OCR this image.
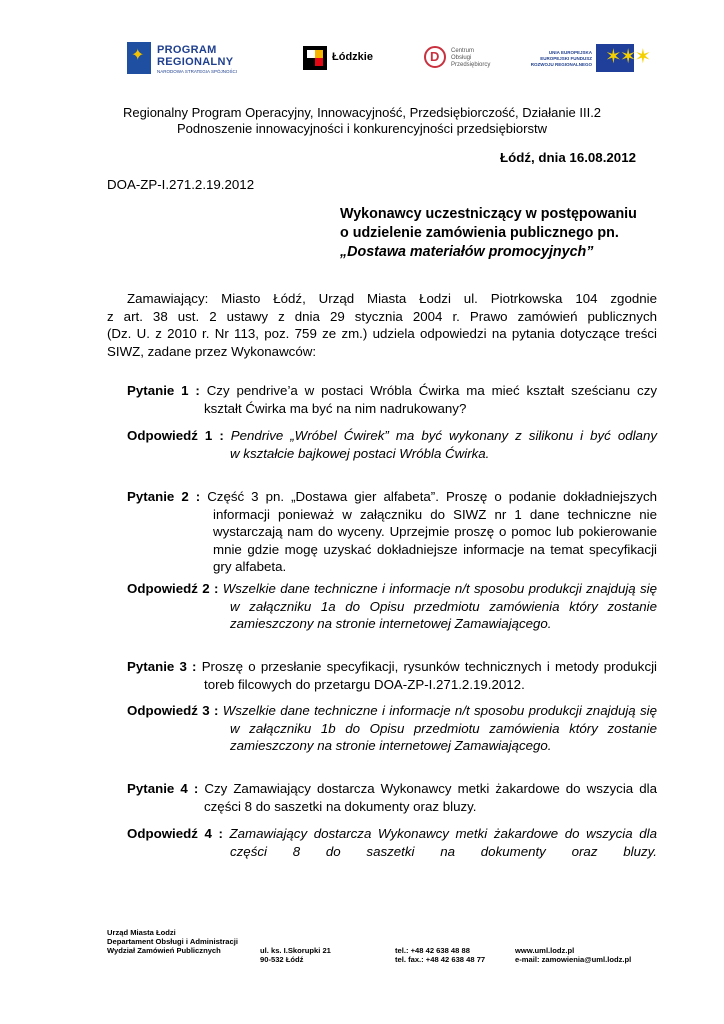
✦ PROGRAM
REGIONALNY
NARODOWA STRATEGIA SPÓJNOŚCI
Łódzkie	D Centrum
Obsługi
Przedsiębiorcy
UNIA EUROPEJSKA
EUROPEJSKI FUNDUSZ
ROZWOJU REGIONALNEGO ✶✶✶
Regionalny Program Operacyjny, Innowacyjność, Przedsiębiorczość, Działanie III.2
Podnoszenie innowacyjności i konkurencyjności przedsiębiorstw
Łódź, dnia 16.08.2012
DOA-ZP-I.271.2.19.2012
Wykonawcy uczestniczący w postępowaniu
o udzielenie zamówienia publicznego pn.
„Dostawa materiałów promocyjnych”
Zamawiający: Miasto Łódź, Urząd Miasta Łodzi ul. Piotrkowska 104 zgodnie
z art. 38 ust. 2 ustawy z dnia 29 stycznia 2004 r. Prawo zamówień publicznych
(Dz. U. z 2010 r. Nr 113, poz. 759 ze zm.) udziela odpowiedzi na pytania dotyczące treści
SIWZ, zadane przez Wykonawców:
Pytanie 1 : Czy pendrive’a w postaci Wróbla Ćwirka ma mieć kształt sześcianu czy
kształt Ćwirka ma być na nim nadrukowany?
Odpowiedź 1 : Pendrive „Wróbel Ćwirek” ma być wykonany z silikonu i być odlany
w kształcie bajkowej postaci Wróbla Ćwirka.
Pytanie 2 : Część 3 pn. „Dostawa gier alfabeta”. Proszę o podanie dokładniejszych
informacji ponieważ w załączniku do SIWZ nr 1 dane techniczne nie
wystarczają nam do wyceny. Uprzejmie proszę o pomoc lub pokierowanie
mnie gdzie mogę uzyskać dokładniejsze informacje na temat specyfikacji
gry alfabeta.
Odpowiedź 2 : Wszelkie dane techniczne i informacje n/t sposobu produkcji znajdują się
w załączniku 1a do Opisu przedmiotu zamówienia który zostanie
zamieszczony na stronie internetowej Zamawiającego.
Pytanie 3 : Proszę o przesłanie specyfikacji, rysunków technicznych i metody produkcji
toreb filcowych do przetargu DOA-ZP-I.271.2.19.2012.
Odpowiedź 3 : Wszelkie dane techniczne i informacje n/t sposobu produkcji znajdują się
w załączniku 1b do Opisu przedmiotu zamówienia który zostanie
zamieszczony na stronie internetowej Zamawiającego.
Pytanie 4 : Czy Zamawiający dostarcza Wykonawcy metki żakardowe do wszycia dla
części 8 do saszetki na dokumenty oraz bluzy.
Odpowiedź 4 : Zamawiający dostarcza Wykonawcy metki żakardowe do wszycia dla
części 8 do saszetki na dokumenty oraz bluzy.
Urząd Miasta Łodzi
Departament Obsługi i Administracji
Wydział Zamówień Publicznych	ul. ks. I.Skorupki 21
90-532 Łódź
tel.: +48 42 638 48 88
tel. fax.: +48 42 638 48 77
www.uml.lodz.pl
e-mail: zamowienia@uml.lodz.pl
